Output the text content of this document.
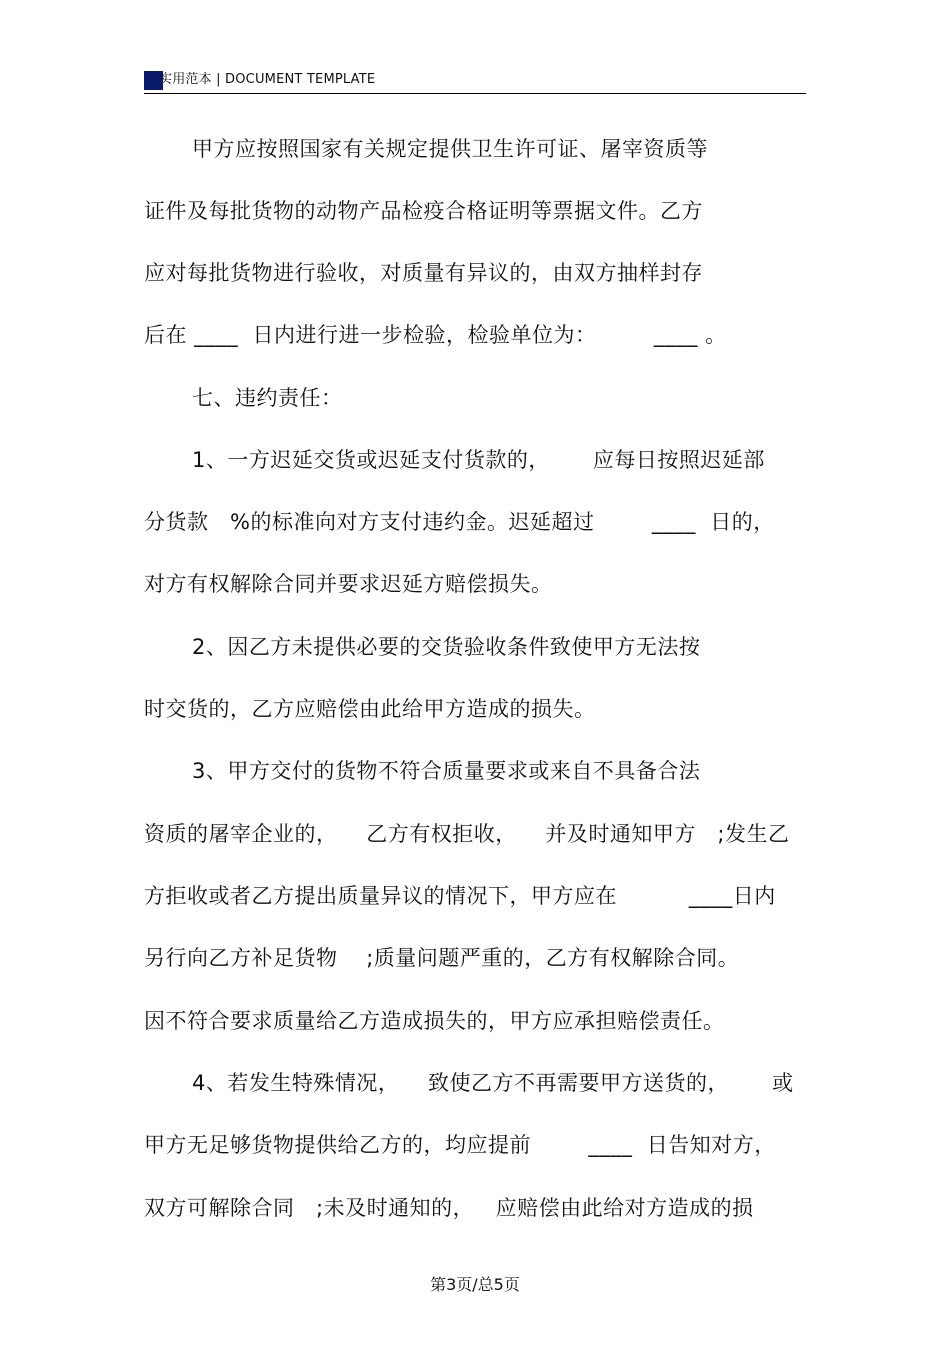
实用范本 | DOCUMENT TEMPLATE
甲方应按照国家有关规定提供卫生许可证、屠宰资质等
证件及每批货物的动物产品检疫合格证明等票据文件。乙方
应对每批货物进行验收，对质量有异议的，由双方抽样封存
后在 ____  日内进行进一步检验，检验单位为：        ____ 。
七、违约责任：
1、一方迟延交货或迟延支付货款的，      应每日按照迟延部
分货款   %的标准向对方支付违约金。迟延超过        ____  日的，
对方有权解除合同并要求迟延方赔偿损失。
2、因乙方未提供必要的交货验收条件致使甲方无法按
时交货的，乙方应赔偿由此给甲方造成的损失。
3、甲方交付的货物不符合质量要求或来自不具备合法
资质的屠宰企业的，    乙方有权拒收，    并及时通知甲方   ;发生乙
方拒收或者乙方提出质量异议的情况下，甲方应在          ____日内
另行向乙方补足货物    ;质量问题严重的，乙方有权解除合同。
因不符合要求质量给乙方造成损失的，甲方应承担赔偿责任。
4、若发生特殊情况，    致使乙方不再需要甲方送货的，      或
甲方无足够货物提供给乙方的，均应提前        ____  日告知对方，
双方可解除合同   ;未及时通知的，   应赔偿由此给对方造成的损
第3页/总5页
